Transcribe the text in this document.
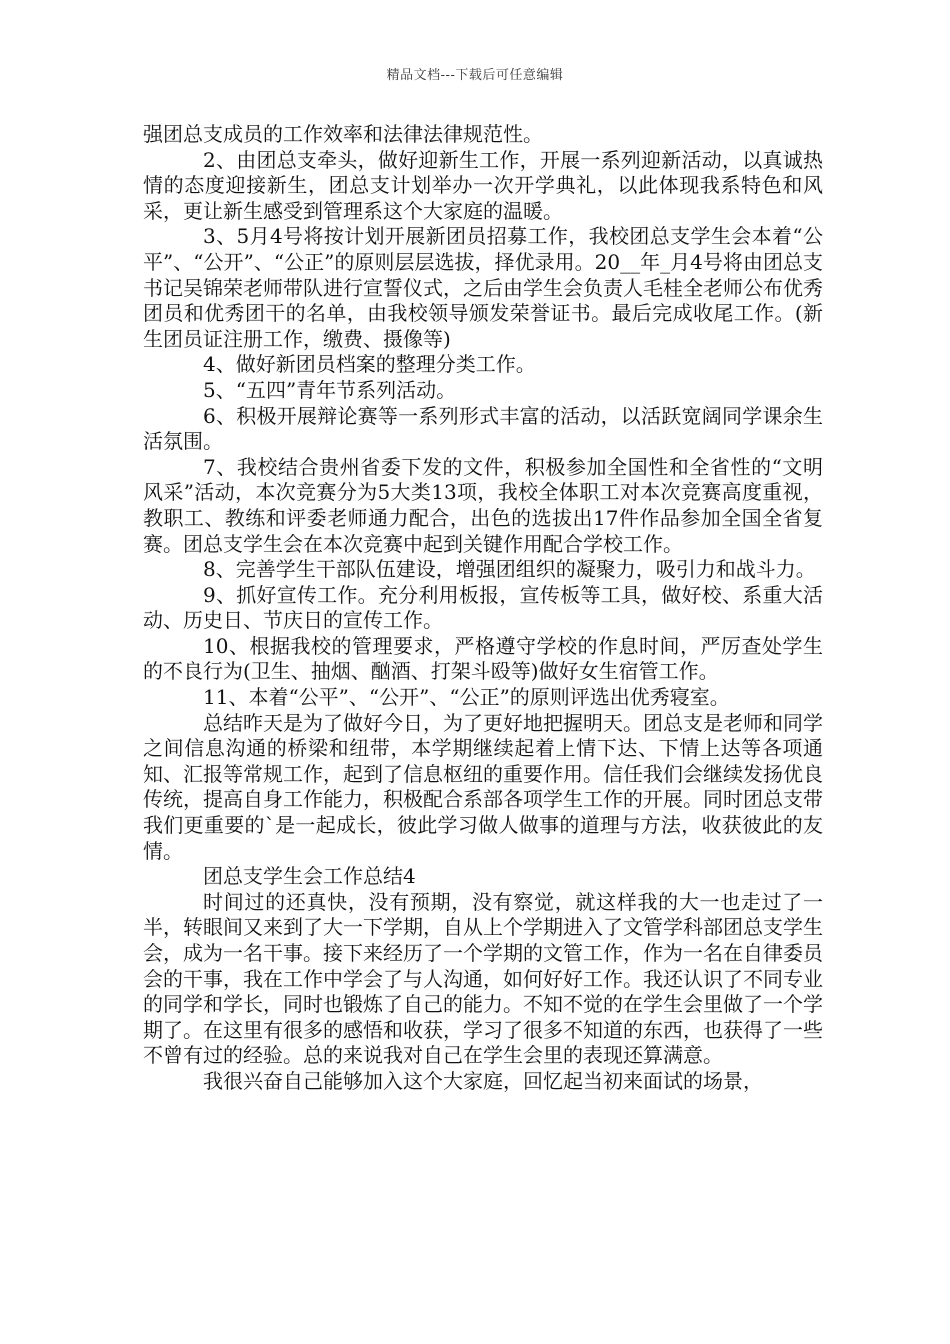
精品文档---下载后可任意编辑

强团总支成员的工作效率和法律法律规范性。

2、由团总支牵头，做好迎新生工作，开展一系列迎新活动，以真诚热情的态度迎接新生，团总支计划举办一次开学典礼，以此体现我系特色和风采，更让新生感受到管理系这个大家庭的温暖。

3、5月4号将按计划开展新团员招募工作，我校团总支学生会本着“公平”、“公开”、“公正”的原则层层选拔，择优录用。20__年_月4号将由团总支书记吴锦荣老师带队进行宣誓仪式，之后由学生会负责人毛桂全老师公布优秀团员和优秀团干的名单，由我校领导颁发荣誉证书。最后完成收尾工作。(新生团员证注册工作，缴费、摄像等)

4、做好新团员档案的整理分类工作。

5、“五四”青年节系列活动。

6、积极开展辩论赛等一系列形式丰富的活动，以活跃宽阔同学课余生活氛围。

7、我校结合贵州省委下发的文件，积极参加全国性和全省性的“文明风采”活动，本次竞赛分为5大类13项，我校全体职工对本次竞赛高度重视，教职工、教练和评委老师通力配合，出色的选拔出17件作品参加全国全省复赛。团总支学生会在本次竞赛中起到关键作用配合学校工作。

8、完善学生干部队伍建设，增强团组织的凝聚力，吸引力和战斗力。

9、抓好宣传工作。充分利用板报，宣传板等工具，做好校、系重大活动、历史日、节庆日的宣传工作。

10、根据我校的管理要求，严格遵守学校的作息时间，严厉查处学生的不良行为(卫生、抽烟、酗酒、打架斗殴等)做好女生宿管工作。

11、本着“公平”、“公开”、“公正”的原则评选出优秀寝室。

总结昨天是为了做好今日，为了更好地把握明天。团总支是老师和同学之间信息沟通的桥梁和纽带，本学期继续起着上情下达、下情上达等各项通知、汇报等常规工作，起到了信息枢纽的重要作用。信任我们会继续发扬优良传统，提高自身工作能力，积极配合系部各项学生工作的开展。同时团总支带我们更重要的`是一起成长，彼此学习做人做事的道理与方法，收获彼此的友情。

团总支学生会工作总结4

时间过的还真快，没有预期，没有察觉，就这样我的大一也走过了一半，转眼间又来到了大一下学期，自从上个学期进入了文管学科部团总支学生会，成为一名干事。接下来经历了一个学期的文管工作，作为一名在自律委员会的干事，我在工作中学会了与人沟通，如何好好工作。我还认识了不同专业的同学和学长，同时也锻炼了自己的能力。不知不觉的在学生会里做了一个学期了。在这里有很多的感悟和收获，学习了很多不知道的东西，也获得了一些不曾有过的经验。总的来说我对自己在学生会里的表现还算满意。

我很兴奋自己能够加入这个大家庭，回忆起当初来面试的场景，
